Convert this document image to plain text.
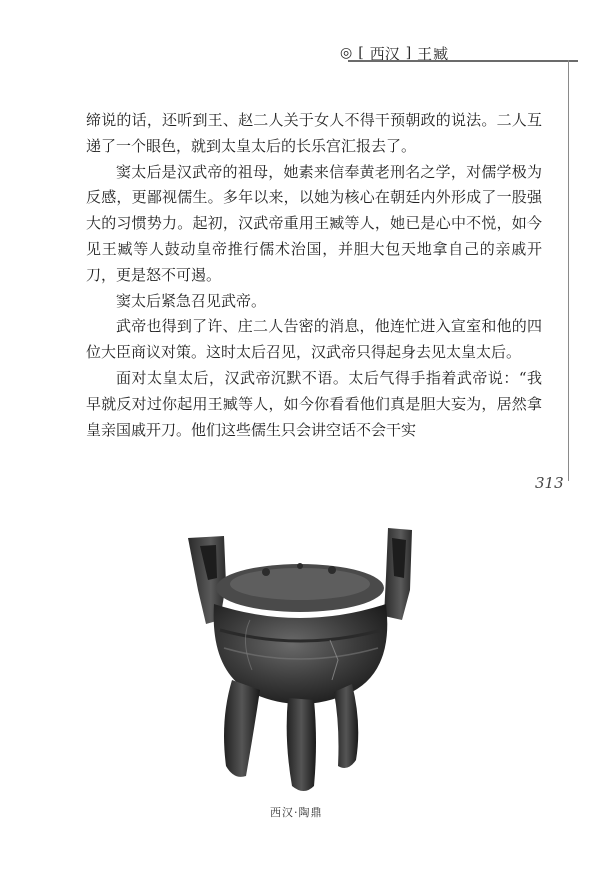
◎ [ 西汉 ] 王臧
313

缔说的话，还听到王、赵二人关于女人不得干预朝政的说法。二人互递了一个眼色，就到太皇太后的长乐宫汇报去了。

窦太后是汉武帝的祖母，她素来信奉黄老刑名之学，对儒学极为反感，更鄙视儒生。多年以来，以她为核心在朝廷内外形成了一股强大的习惯势力。起初，汉武帝重用王臧等人，她已是心中不悦，如今见王臧等人鼓动皇帝推行儒术治国，并胆大包天地拿自己的亲戚开刀，更是怒不可遏。

窦太后紧急召见武帝。

武帝也得到了许、庄二人告密的消息，他连忙进入宣室和他的四位大臣商议对策。这时太后召见，汉武帝只得起身去见太皇太后。

面对太皇太后，汉武帝沉默不语。太后气得手指着武帝说：“我早就反对过你起用王臧等人，如今你看看他们真是胆大妄为，居然拿皇亲国戚开刀。他们这些儒生只会讲空话不会干实

西汉·陶鼎
